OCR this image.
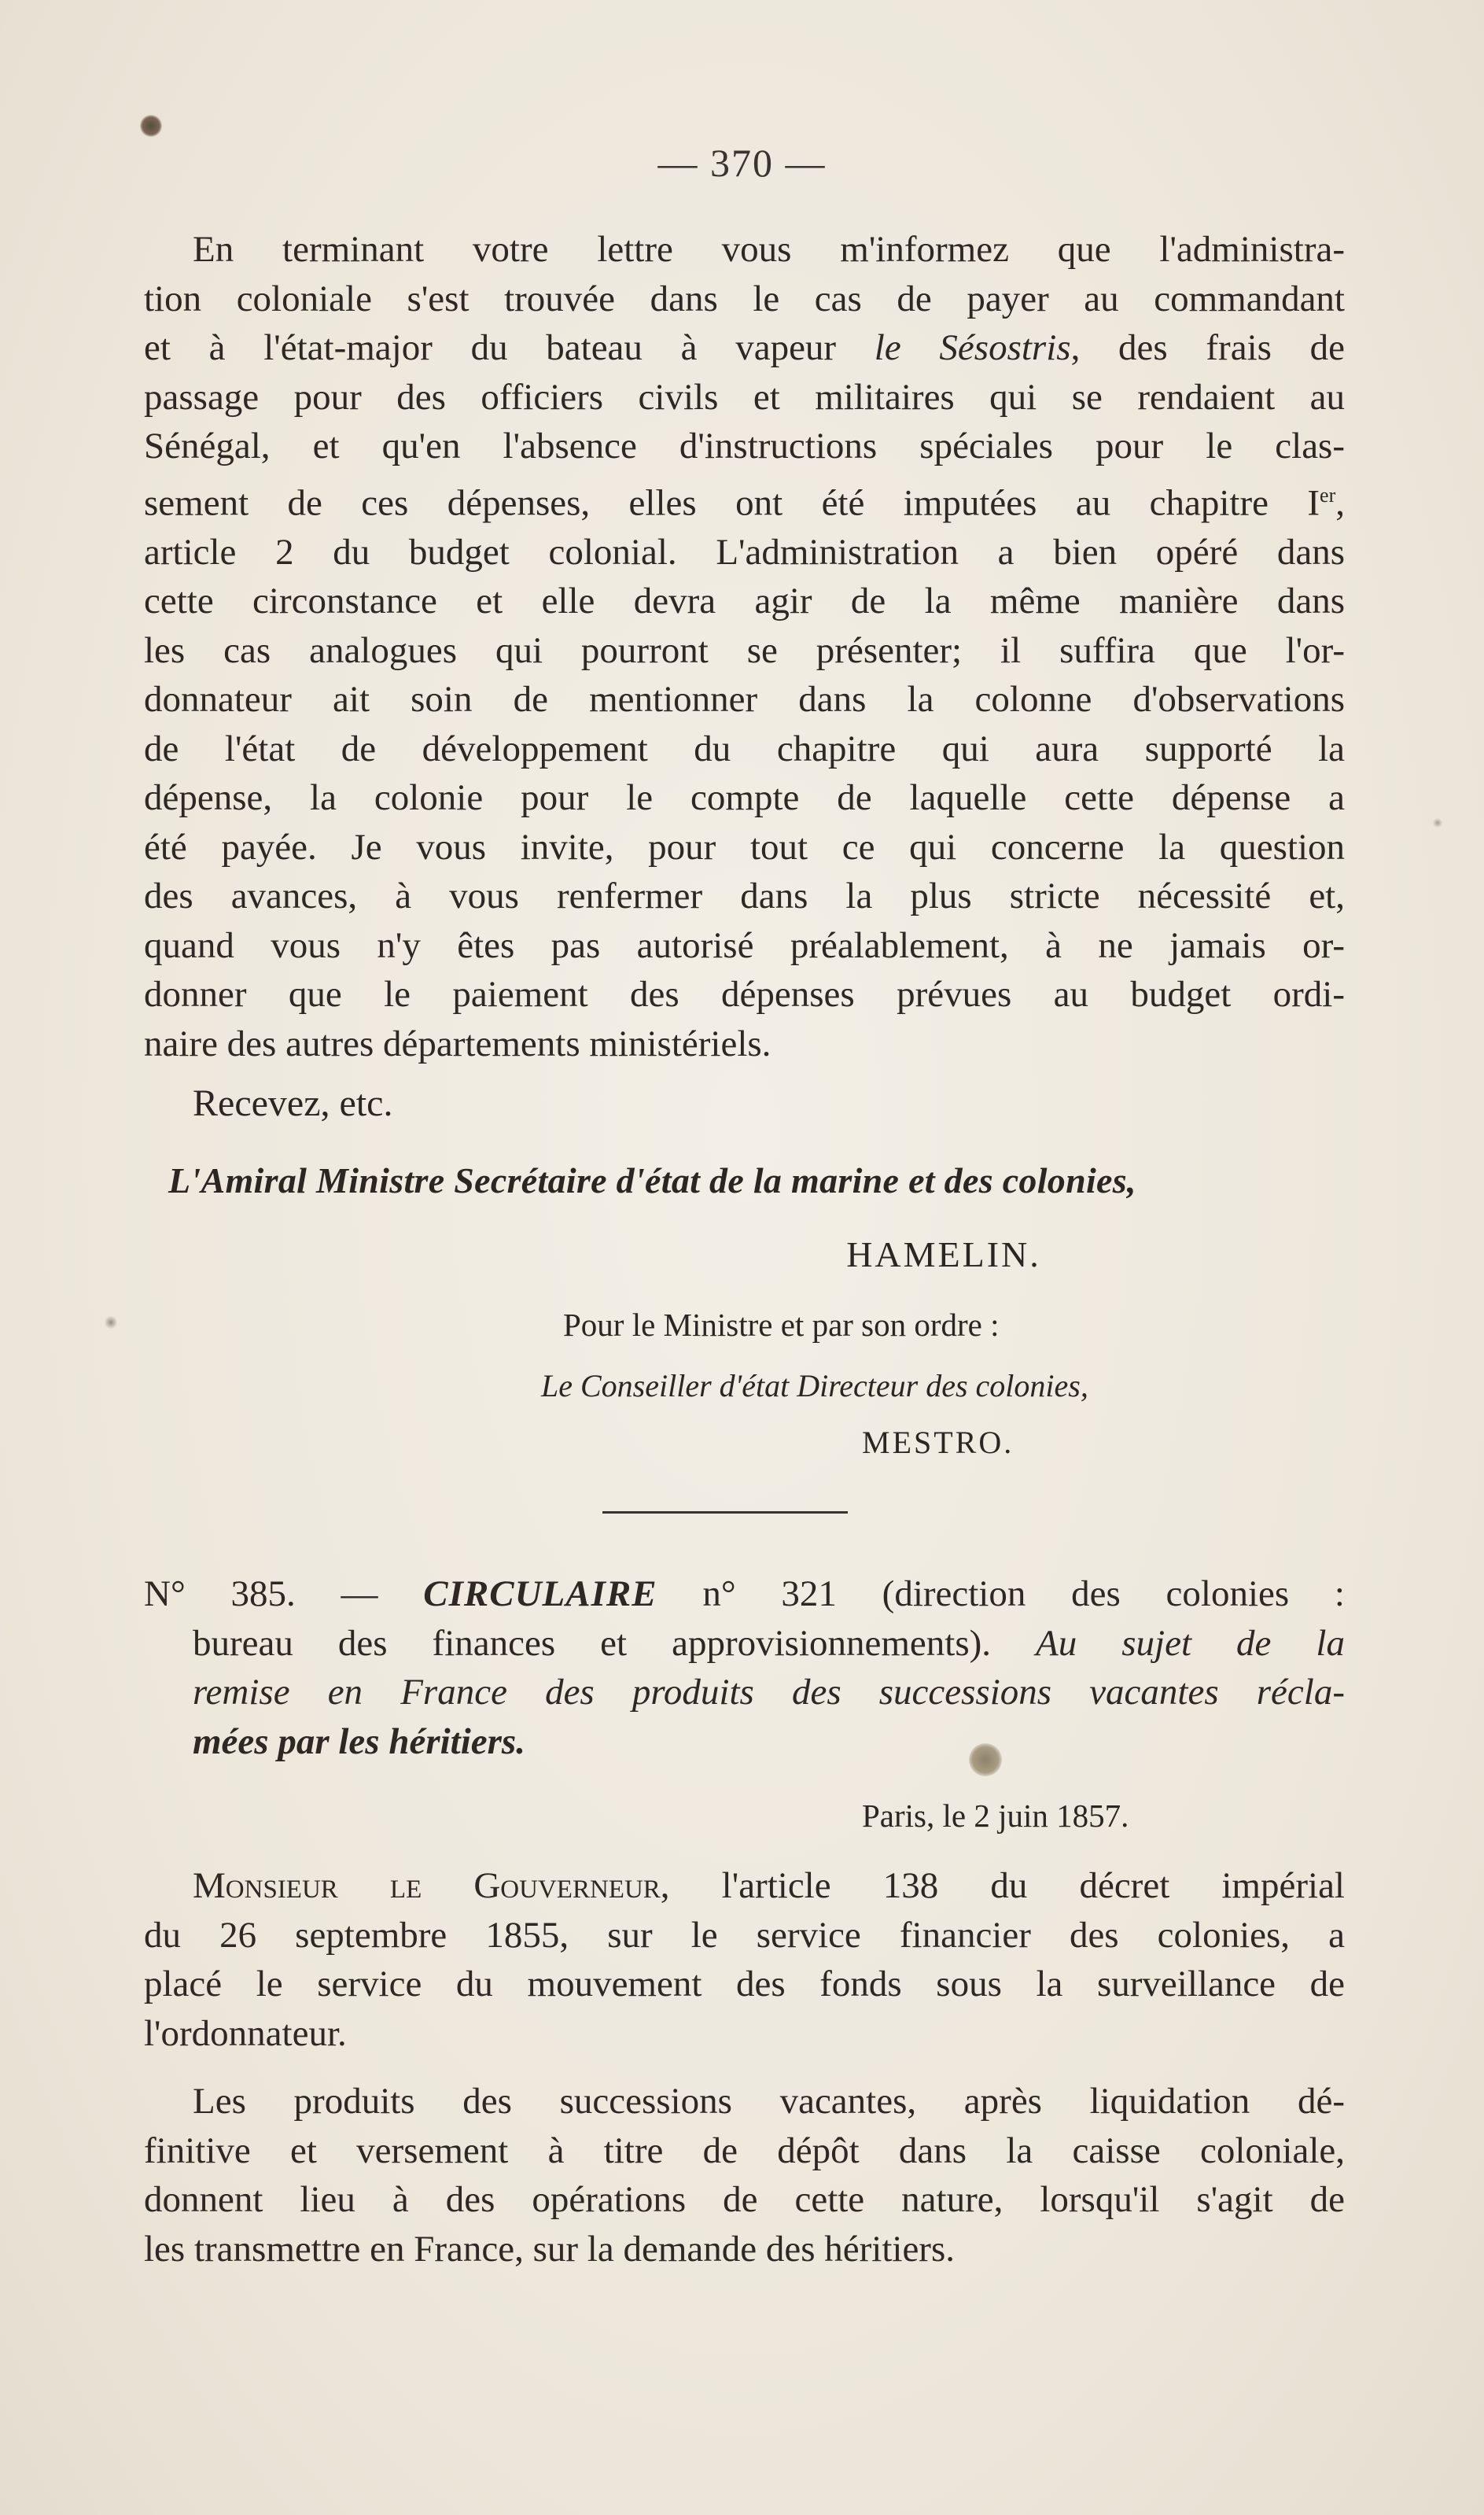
— 370 —
En terminant votre lettre vous m'informez que l'administra-
tion coloniale s'est trouvée dans le cas de payer au commandant
et à l'état-major du bateau à vapeur le Sésostris, des frais de
passage pour des officiers civils et militaires qui se rendaient au
Sénégal, et qu'en l'absence d'instructions spéciales pour le clas-
sement de ces dépenses, elles ont été imputées au chapitre Ier,
article 2 du budget colonial. L'administration a bien opéré dans
cette circonstance et elle devra agir de la même manière dans
les cas analogues qui pourront se présenter; il suffira que l'or-
donnateur ait soin de mentionner dans la colonne d'observations
de l'état de développement du chapitre qui aura supporté la
dépense, la colonie pour le compte de laquelle cette dépense a
été payée. Je vous invite, pour tout ce qui concerne la question
des avances, à vous renfermer dans la plus stricte nécessité et,
quand vous n'y êtes pas autorisé préalablement, à ne jamais or-
donner que le paiement des dépenses prévues au budget ordi-
naire des autres départements ministériels.
Recevez, etc.
L'Amiral Ministre Secrétaire d'état de la marine et des colonies,
HAMELIN.
Pour le Ministre et par son ordre :
Le Conseiller d'état Directeur des colonies,
MESTRO.
N° 385. — CIRCULAIRE n° 321 (direction des colonies :
bureau des finances et approvisionnements). Au sujet de la
remise en France des produits des successions vacantes récla-
mées par les héritiers.
Paris, le 2 juin 1857.
Monsieur le Gouverneur, l'article 138 du décret impérial
du 26 septembre 1855, sur le service financier des colonies, a
placé le service du mouvement des fonds sous la surveillance de
l'ordonnateur.
Les produits des successions vacantes, après liquidation dé-
finitive et versement à titre de dépôt dans la caisse coloniale,
donnent lieu à des opérations de cette nature, lorsqu'il s'agit de
les transmettre en France, sur la demande des héritiers.
